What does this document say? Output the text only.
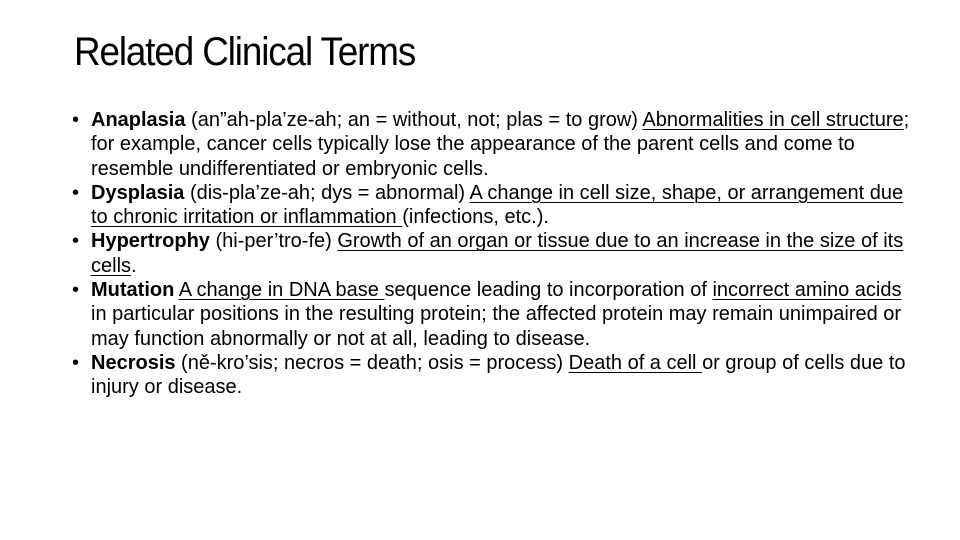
Related Clinical Terms
• Anaplasia (an”ah-pla’ze-ah; an = without, not; plas = to grow) Abnormalities in cell structure; for example, cancer cells typically lose the appearance of the parent cells and come to resemble undifferentiated or embryonic cells.
• Dysplasia (dis-pla’ze-ah; dys = abnormal) A change in cell size, shape, or arrangement due to chronic irritation or inflammation (infections, etc.).
• Hypertrophy (hi-per’tro-fe) Growth of an organ or tissue due to an increase in the size of its cells.
• Mutation A change in DNA base sequence leading to incorporation of incorrect amino acids in particular positions in the resulting protein; the affected protein may remain unimpaired or may function abnormally or not at all, leading to disease.
• Necrosis (ně-kro’sis; necros = death; osis = process) Death of a cell or group of cells due to injury or disease.
